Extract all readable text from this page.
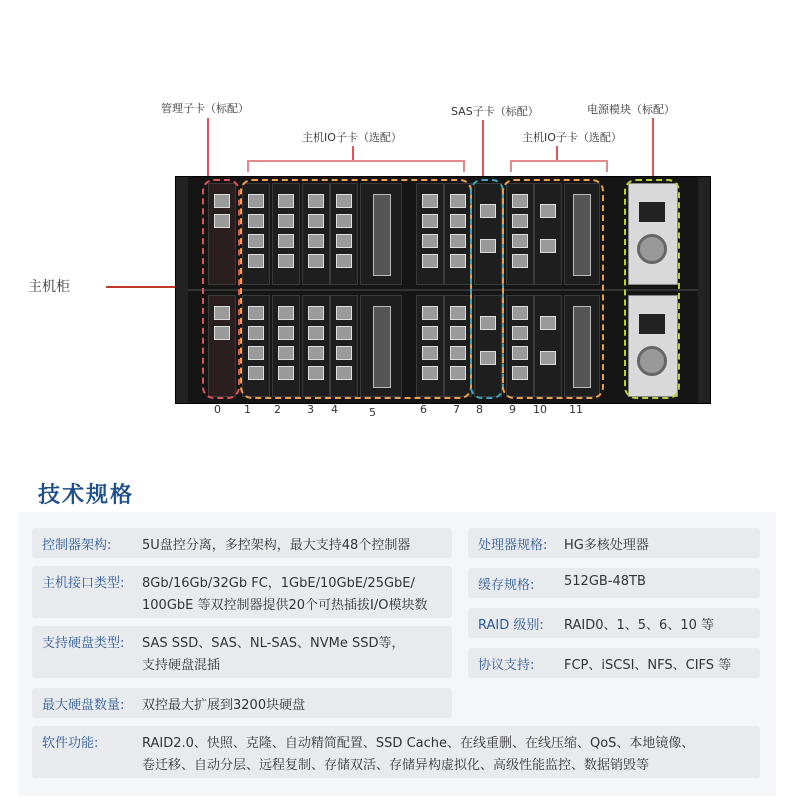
管理子卡（标配）
主机IO子卡（选配）
SAS子卡（标配）
主机IO子卡（选配）
电源模块（标配）
主机柜
0 1 2 3 4	5	6 7 8 9 10 11
技术规格
控制器架构: 5U盘控分离，多控架构，最大支持48个控制器
主机接口类型: 8Gb/16Gb/32Gb FC，1GbE/10GbE/25GbE/
100GbE 等双控制器提供20个可热插拔I/O模块数
支持硬盘类型: SAS SSD、SAS、NL-SAS、NVMe SSD等，
支持硬盘混插
最大硬盘数量: 双控最大扩展到3200块硬盘
处理器规格: HG多核处理器
缓存规格: 512GB-48TB
RAID 级别: RAID0、1、5、6、10 等
协议支持: FCP、iSCSI、NFS、CIFS 等
软件功能:	RAID2.0、快照、克隆、自动精简配置、SSD Cache、在线重删、在线压缩、QoS、本地镜像、
卷迁移、自动分层、远程复制、存储双活、存储异构虚拟化、高级性能监控、数据销毁等
